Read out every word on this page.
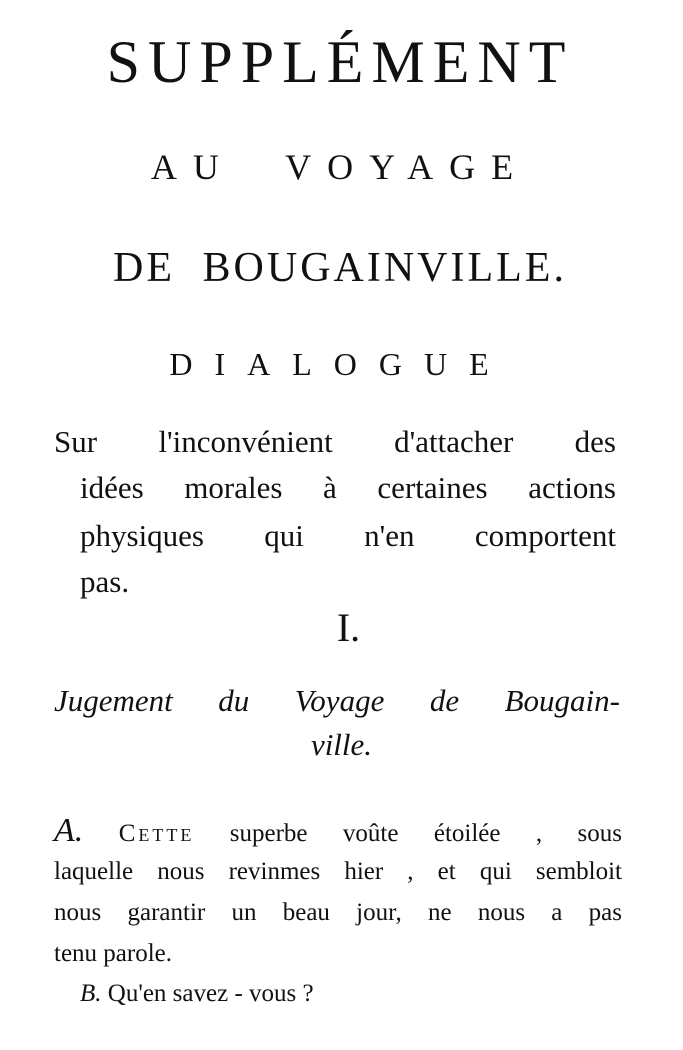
SUPPLÉMENT
AU VOYAGE
DE BOUGAINVILLE.
DIALOGUE
Sur l'inconvénient d'attacher des
idées morales à certaines actions
physiques qui n'en comportent
pas.
I.
Jugement du Voyage de Bougain-
ville.
A. Cette superbe voûte étoilée , sous
laquelle nous revinmes hier , et qui sembloit
nous garantir un beau jour, ne nous a pas
tenu parole.
B. Qu'en savez - vous ?
